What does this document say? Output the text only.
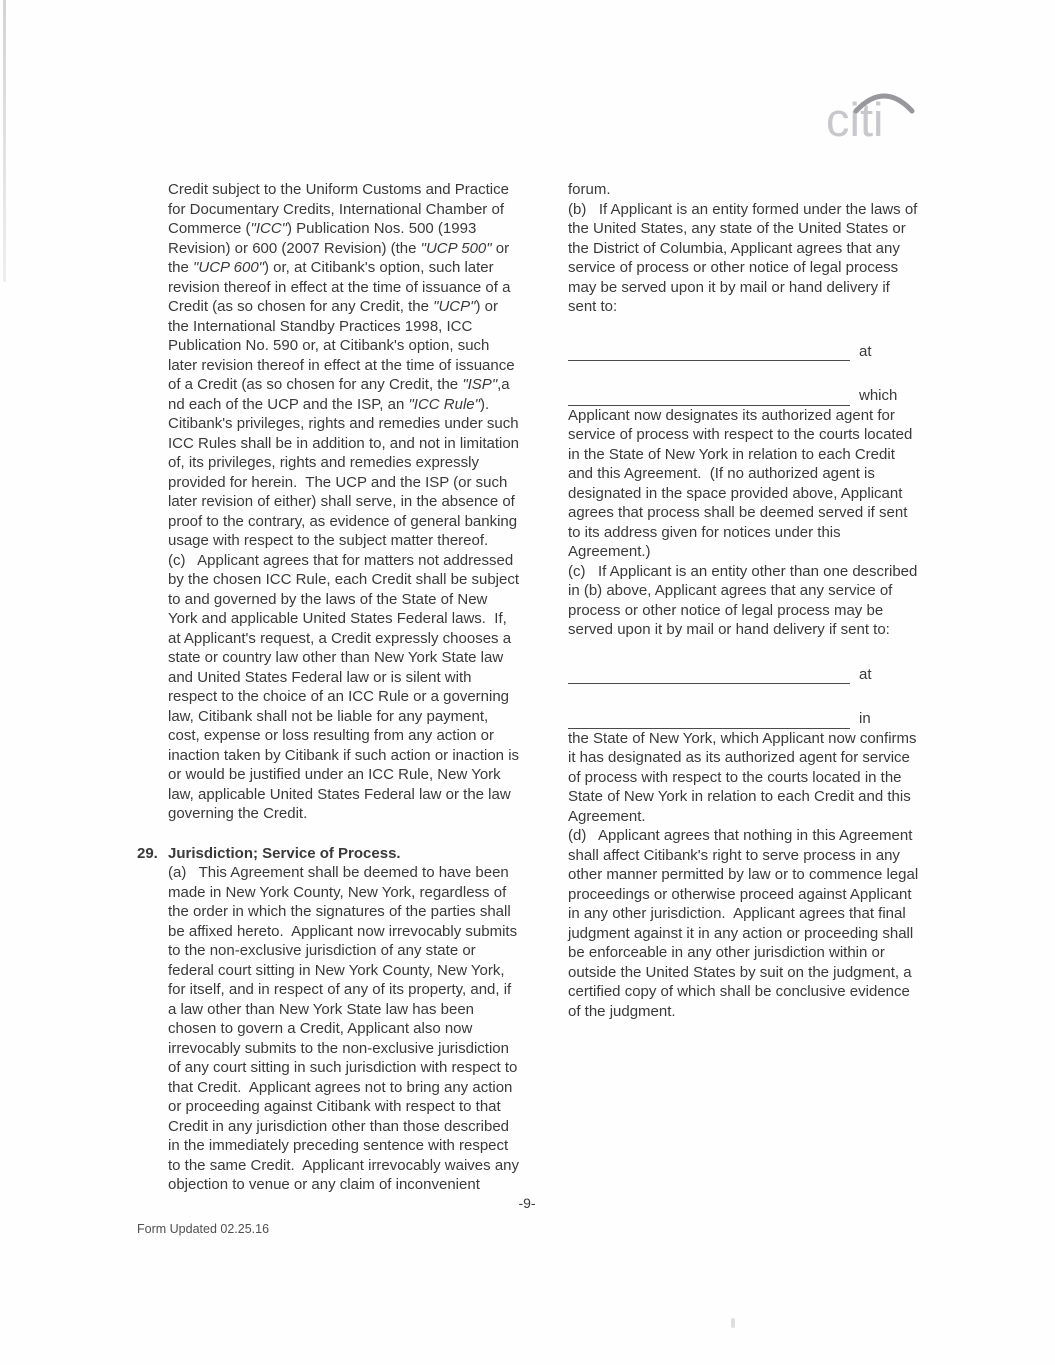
citi
Credit subject to the Uniform Customs and Practice for Documentary Credits, International Chamber of Commerce ("ICC") Publication Nos. 500 (1993 Revision) or 600 (2007 Revision) (the "UCP 500" or the "UCP 600") or, at Citibank's option, such later revision thereof in effect at the time of issuance of a Credit (as so chosen for any Credit, the "UCP") or the International Standby Practices 1998, ICC Publication No. 590 or, at Citibank's option, such later revision thereof in effect at the time of issuance of a Credit (as so chosen for any Credit, the "ISP",a nd each of the UCP and the ISP, an "ICC Rule").  Citibank's privileges, rights and remedies under such ICC Rules shall be in addition to, and not in limitation of, its privileges, rights and remedies expressly provided for herein.  The UCP and the ISP (or such later revision of either) shall serve, in the absence of proof to the contrary, as evidence of general banking usage with respect to the subject matter thereof.
(c)   Applicant agrees that for matters not addressed by the chosen ICC Rule, each Credit shall be subject to and governed by the laws of the State of New York and applicable United States Federal laws.  If, at Applicant's request, a Credit expressly chooses a state or country law other than New York State law and United States Federal law or is silent with respect to the choice of an ICC Rule or a governing law, Citibank shall not be liable for any payment, cost, expense or loss resulting from any action or inaction taken by Citibank if such action or inaction is or would be justified under an ICC Rule, New York law, applicable United States Federal law or the law governing the Credit.
29. Jurisdiction; Service of Process.
(a)   This Agreement shall be deemed to have been made in New York County, New York, regardless of the order in which the signatures of the parties shall be affixed hereto.  Applicant now irrevocably submits to the non-exclusive jurisdiction of any state or federal court sitting in New York County, New York, for itself, and in respect of any of its property, and, if a law other than New York State law has been chosen to govern a Credit, Applicant also now irrevocably submits to the non-exclusive jurisdiction of any court sitting in such jurisdiction with respect to that Credit.  Applicant agrees not to bring any action or proceeding against Citibank with respect to that Credit in any jurisdiction other than those described in the immediately preceding sentence with respect to the same Credit.  Applicant irrevocably waives any objection to venue or any claim of inconvenient
forum.
(b)   If Applicant is an entity formed under the laws of the United States, any state of the United States or the District of Columbia, Applicant agrees that any service of process or other notice of legal process may be served upon it by mail or hand delivery if sent to:
at
which
Applicant now designates its authorized agent for service of process with respect to the courts located in the State of New York in relation to each Credit and this Agreement.  (If no authorized agent is designated in the space provided above, Applicant agrees that process shall be deemed served if sent to its address given for notices under this Agreement.)
(c)   If Applicant is an entity other than one described in (b) above, Applicant agrees that any service of process or other notice of legal process may be served upon it by mail or hand delivery if sent to:
at
in
the State of New York, which Applicant now confirms it has designated as its authorized agent for service of process with respect to the courts located in the State of New York in relation to each Credit and this Agreement.
(d)   Applicant agrees that nothing in this Agreement shall affect Citibank's right to serve process in any other manner permitted by law or to commence legal proceedings or otherwise proceed against Applicant in any other jurisdiction.  Applicant agrees that final judgment against it in any action or proceeding shall be enforceable in any other jurisdiction within or outside the United States by suit on the judgment, a certified copy of which shall be conclusive evidence of the judgment.
-9-
Form Updated 02.25.16
